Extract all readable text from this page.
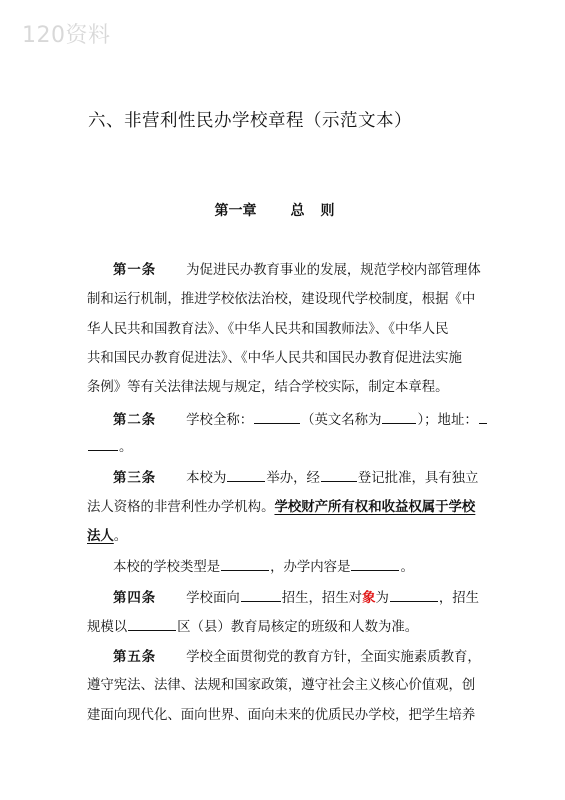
120资料
六、非营利性民办学校章程（示范文本）
第一章 总则
第一条 为促进民办教育事业的发展，规范学校内部管理体
制和运行机制，推进学校依法治校，建设现代学校制度，根据《中
华人民共和国教育法》、《中华人民共和国教师法》、《中华人民
共和国民办教育促进法》、《中华人民共和国民办教育促进法实施
条例》等有关法律法规与规定，结合学校实际，制定本章程。
第二条 学校全称：	（英文名称为	）；地址：
。
第三条 本校为	举办，经	登记批准，具有独立
法人资格的非营利性办学机构。学校财产所有权和收益权属于学校
法人。
本校的学校类型是	，办学内容是	。
第四条 学校面向	招生，招生对象为	，招生
规模以	区（县）教育局核定的班级和人数为准。
第五条 学校全面贯彻党的教育方针，全面实施素质教育，
遵守宪法、法律、法规和国家政策，遵守社会主义核心价值观，创
建面向现代化、面向世界、面向未来的优质民办学校，把学生培养
